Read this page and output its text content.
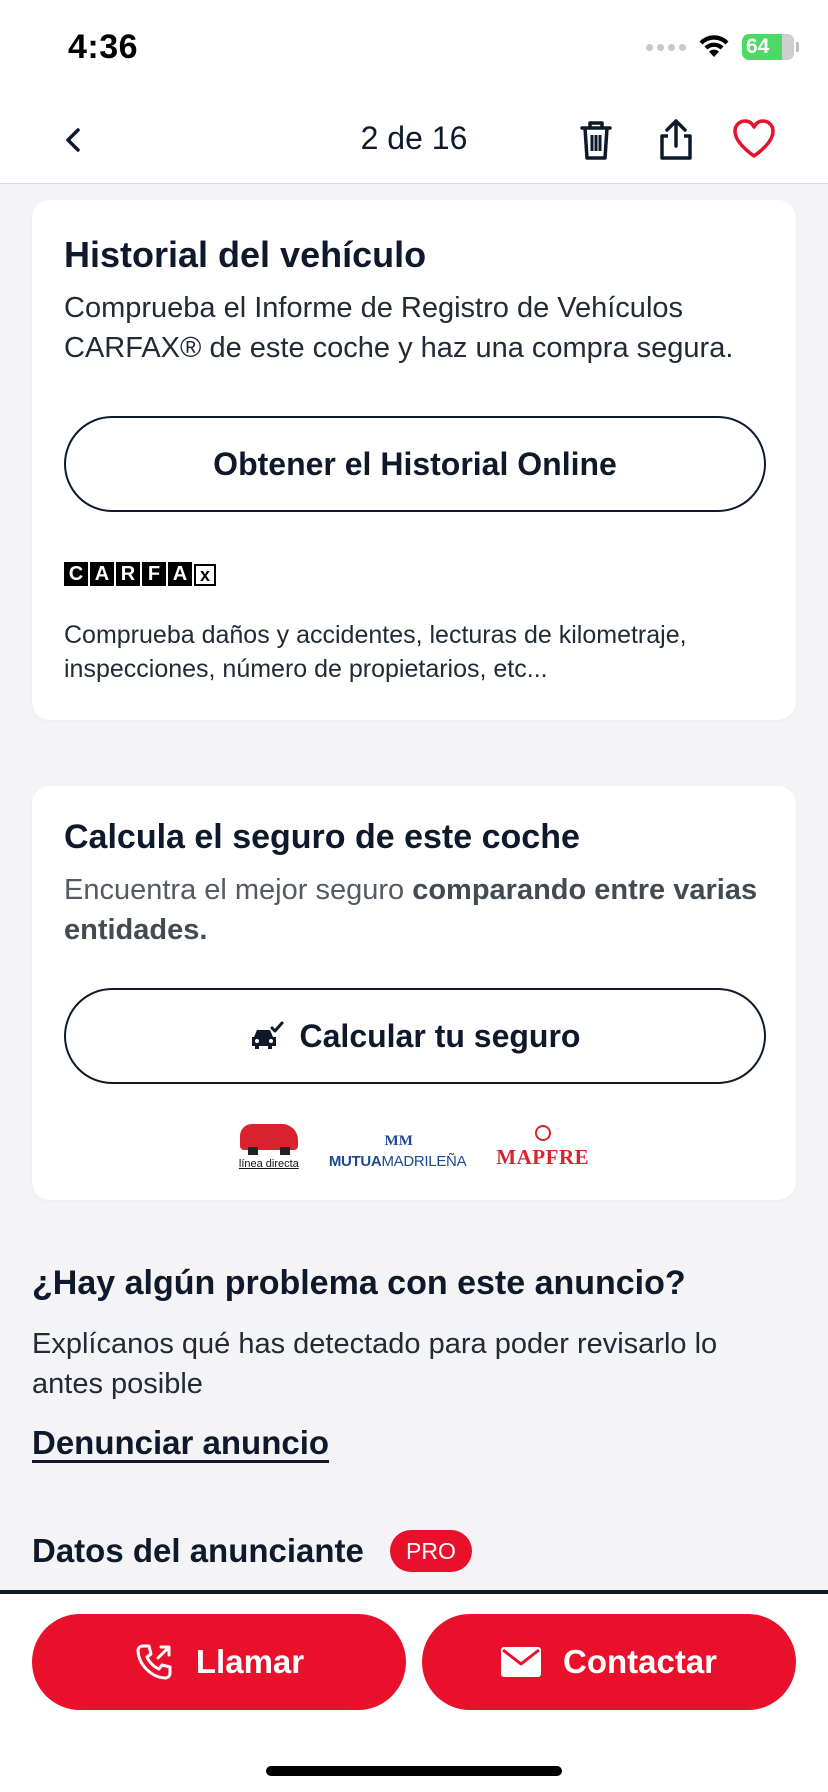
4:36	64
2 de 16
Historial del vehículo
Comprueba el Informe de Registro de Vehículos CARFAX® de este coche y haz una compra segura.
Obtener el Historial Online
C A R F A x
Comprueba daños y accidentes, lecturas de kilometraje, inspecciones, número de propietarios, etc...
Calcula el seguro de este coche
Encuentra el mejor seguro comparando entre varias entidades.
Calcular tu seguro
línea directa
MM
MUTUAMADRILEÑA MAPFRE
¿Hay algún problema con este anuncio?
Explícanos qué has detectado para poder revisarlo lo antes posible
Denunciar anuncio
Datos del anunciante	PRO
Llamar	Contactar
